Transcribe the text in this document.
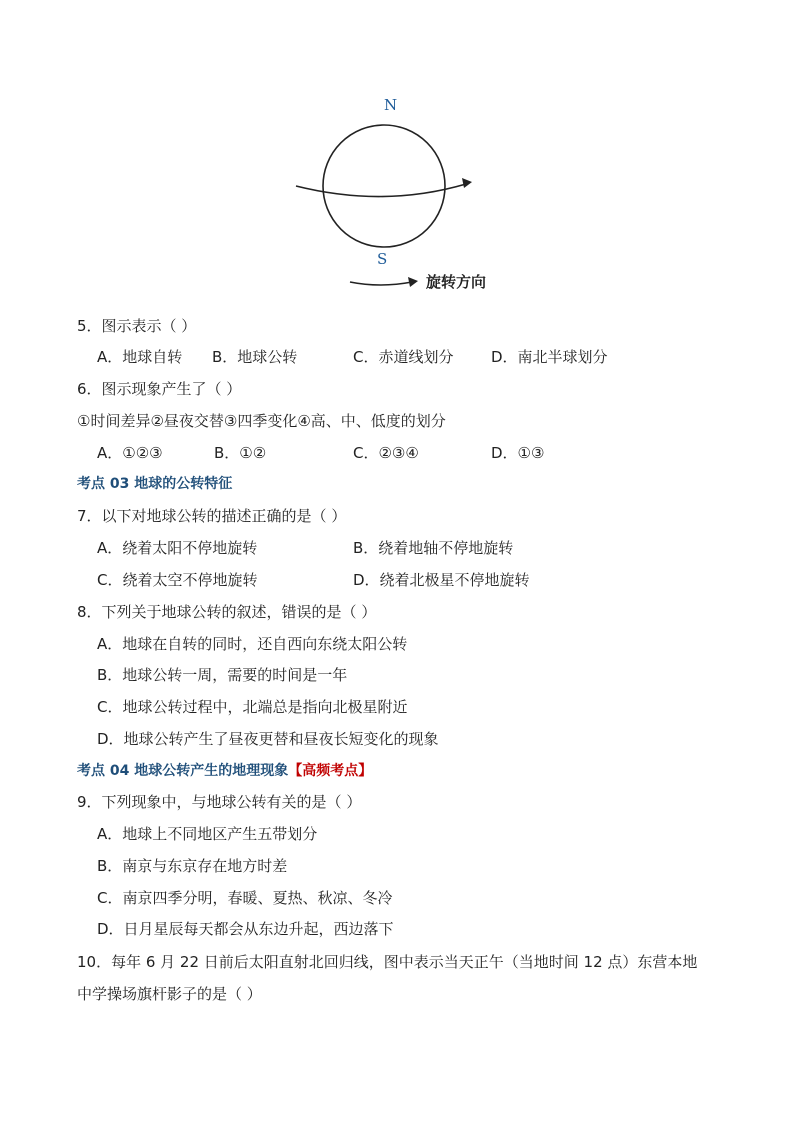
N
S
旋转方向
5．图示表示（ ）
A．地球自转 B．地球公转	C．赤道线划分	D．南北半球划分
6．图示现象产生了（ ）
①时间差异②昼夜交替③四季变化④高、中、低度的划分
A．①②③	B．①②	C．②③④	D．①③
考点 03 地球的公转特征
7．以下对地球公转的描述正确的是（ ）
A．绕着太阳不停地旋转	B．绕着地轴不停地旋转
C．绕着太空不停地旋转	D．绕着北极星不停地旋转
8．下列关于地球公转的叙述，错误的是（ ）
A．地球在自转的同时，还自西向东绕太阳公转
B．地球公转一周，需要的时间是一年
C．地球公转过程中，北端总是指向北极星附近
D．地球公转产生了昼夜更替和昼夜长短变化的现象
考点 04 地球公转产生的地理现象【高频考点】
9．下列现象中，与地球公转有关的是（ ）
A．地球上不同地区产生五带划分
B．南京与东京存在地方时差
C．南京四季分明，春暖、夏热、秋凉、冬冷
D．日月星辰每天都会从东边升起，西边落下
10．每年 6 月 22 日前后太阳直射北回归线，图中表示当天正午（当地时间 12 点）东营本地
中学操场旗杆影子的是（ ）
